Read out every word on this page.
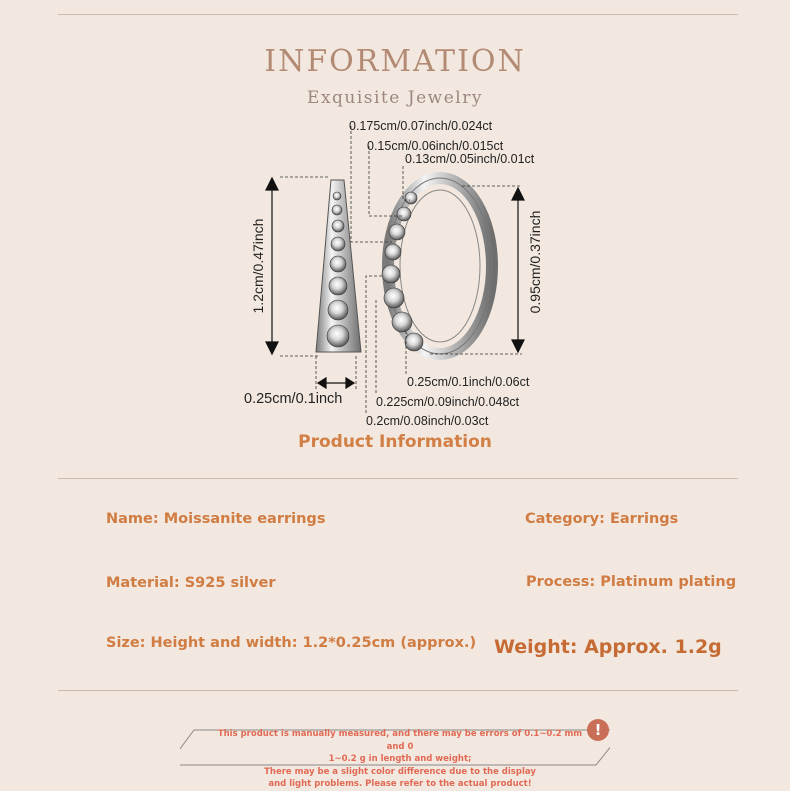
INFORMATION
Exquisite Jewelry
0.175cm/0.07inch/0.024ct
0.15cm/0.06inch/0.015ct
0.13cm/0.05inch/0.01ct
0.25cm/0.1inch/0.06ct
0.225cm/0.09inch/0.048ct
0.2cm/0.08inch/0.03ct
1.2cm/0.47inch
0.25cm/0.1inch
0.95cm/0.37inch
Product Information
Name: Moissanite earrings	Category: Earrings
Material: S925 silver	Process: Platinum plating
Size: Height and width: 1.2*0.25cm (approx.) Weight: Approx. 1.2g
This product is manually measured, and there may be errors of 0.1~0.2 mm and 0
1~0.2 g in length and weight;
There may be a slight color difference due to the display
and light problems. Please refer to the actual product!
!
